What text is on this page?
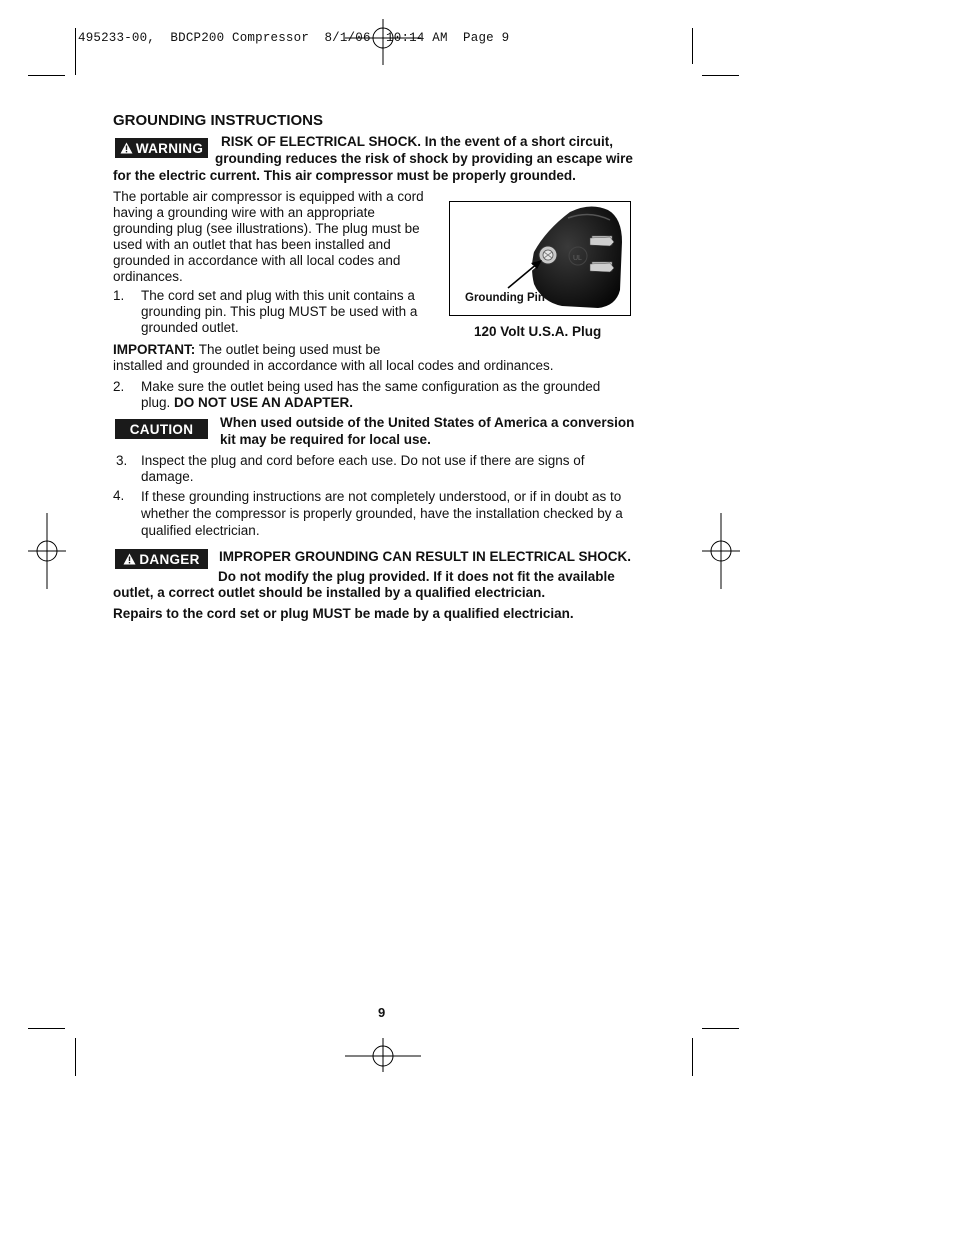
495233-00,  BDCP200 Compressor  8/1/06  10:14 AM  Page 9
GROUNDING INSTRUCTIONS
WARNING RISK OF ELECTRICAL SHOCK. In the event of a short circuit,
grounding reduces the risk of shock by providing an escape wire
for the electric current. This air compressor must be properly grounded.
The portable air compressor is equipped with a cord
having a grounding wire with an appropriate
grounding plug (see illustrations). The plug must be
used with an outlet that has been installed and
grounded in accordance with all local codes and
ordinances.
UL
Grounding Pin
120 Volt U.S.A. Plug
1. The cord set and plug with this unit contains a
grounding pin. This plug MUST be used with a
grounded outlet.
IMPORTANT: The outlet being used must be
installed and grounded in accordance with all local codes and ordinances.
2. Make sure the outlet being used has the same configuration as the grounded
plug. DO NOT USE AN ADAPTER.
CAUTION When used outside of the United States of America a conversion
kit may be required for local use.
3. Inspect the plug and cord before each use. Do not use if there are signs of
damage.
4. If these grounding instructions are not completely understood, or if in doubt as to
whether the compressor is properly grounded, have the installation checked by a
qualified electrician.
DANGER IMPROPER GROUNDING CAN RESULT IN ELECTRICAL SHOCK.
Do not modify the plug provided. If it does not fit the available
outlet, a correct outlet should be installed by a qualified electrician.
Repairs to the cord set or plug MUST be made by a qualified electrician.
9
